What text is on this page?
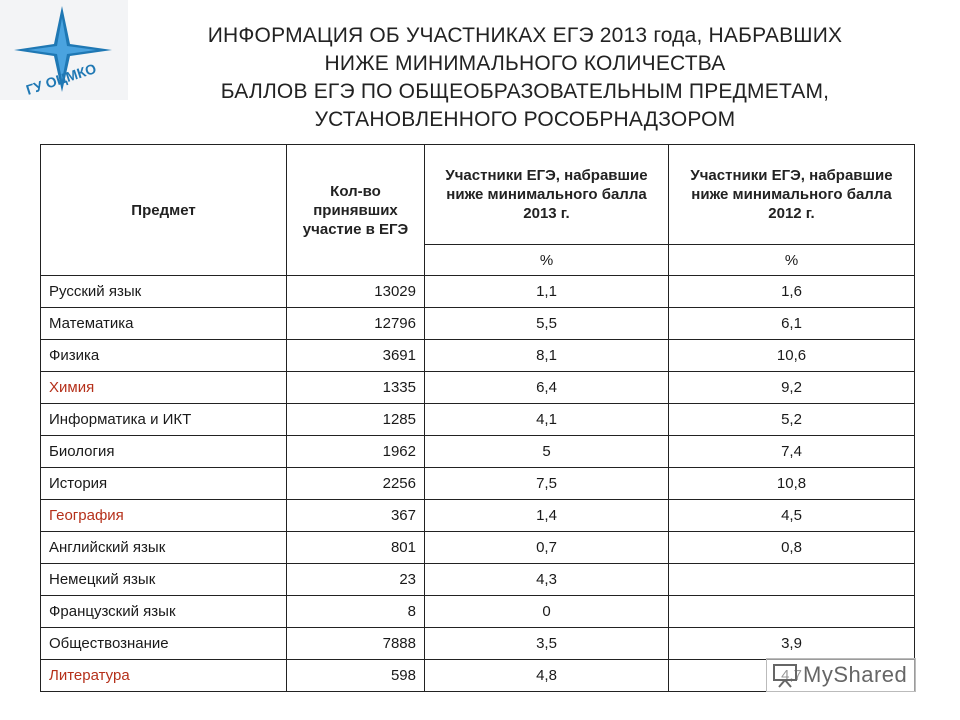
ГУ ОЦМКО
ИНФОРМАЦИЯ ОБ УЧАСТНИКАХ ЕГЭ 2013 года, НАБРАВШИХ
НИЖЕ МИНИМАЛЬНОГО КОЛИЧЕСТВА
БАЛЛОВ ЕГЭ ПО ОБЩЕОБРАЗОВАТЕЛЬНЫМ ПРЕДМЕТАМ,
УСТАНОВЛЕННОГО РОСОБРНАДЗОРОМ
Предмет	Кол-во принявших участие в ЕГЭ	Участники ЕГЭ, набравшие ниже минимального балла 2013 г.	Участники ЕГЭ, набравшие ниже минимального балла 2012 г.
		%	%
Русский язык	13029	1,1	1,6
Математика	12796	5,5	6,1
Физика	3691	8,1	10,6
Химия	1335	6,4	9,2
Информатика и ИКТ	1285	4,1	5,2
Биология	1962	5	7,4
История	2256	7,5	10,8
География	367	1,4	4,5
Английский язык	801	0,7	0,8
Немецкий язык	23	4,3	
Французский язык	8	0	
Обществознание	7888	3,5	3,9
Литература	598	4,8		MyShared
